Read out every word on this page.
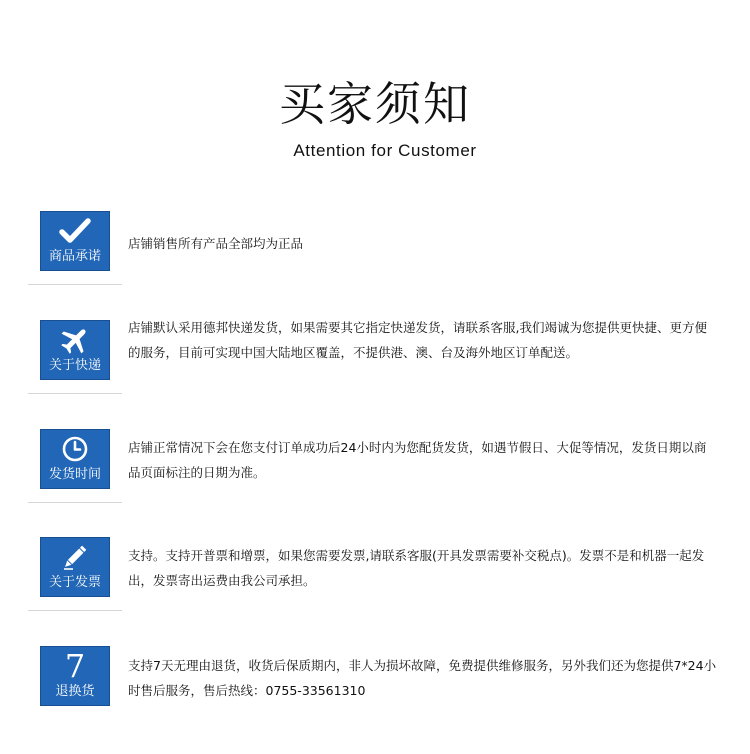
买家须知
Attention for Customer
商品承诺

店铺销售所有产品全部均为正品

关于快递

店铺默认采用德邦快递发货，如果需要其它指定快递发货，请联系客服,我们竭诚为您提供更快捷、更方便的服务，目前可实现中国大陆地区覆盖，不提供港、澳、台及海外地区订单配送。

发货时间

店铺正常情况下会在您支付订单成功后24小时内为您配货发货，如遇节假日、大促等情况，发货日期以商品页面标注的日期为准。

关于发票

支持。支持开普票和增票，如果您需要发票,请联系客服(开具发票需要补交税点)。发票不是和机器一起发出，发票寄出运费由我公司承担。

7
退换货

支持7天无理由退货，收货后保质期内，非人为损坏故障，免费提供维修服务，另外我们还为您提供7*24小时售后服务，售后热线：0755-33561310
